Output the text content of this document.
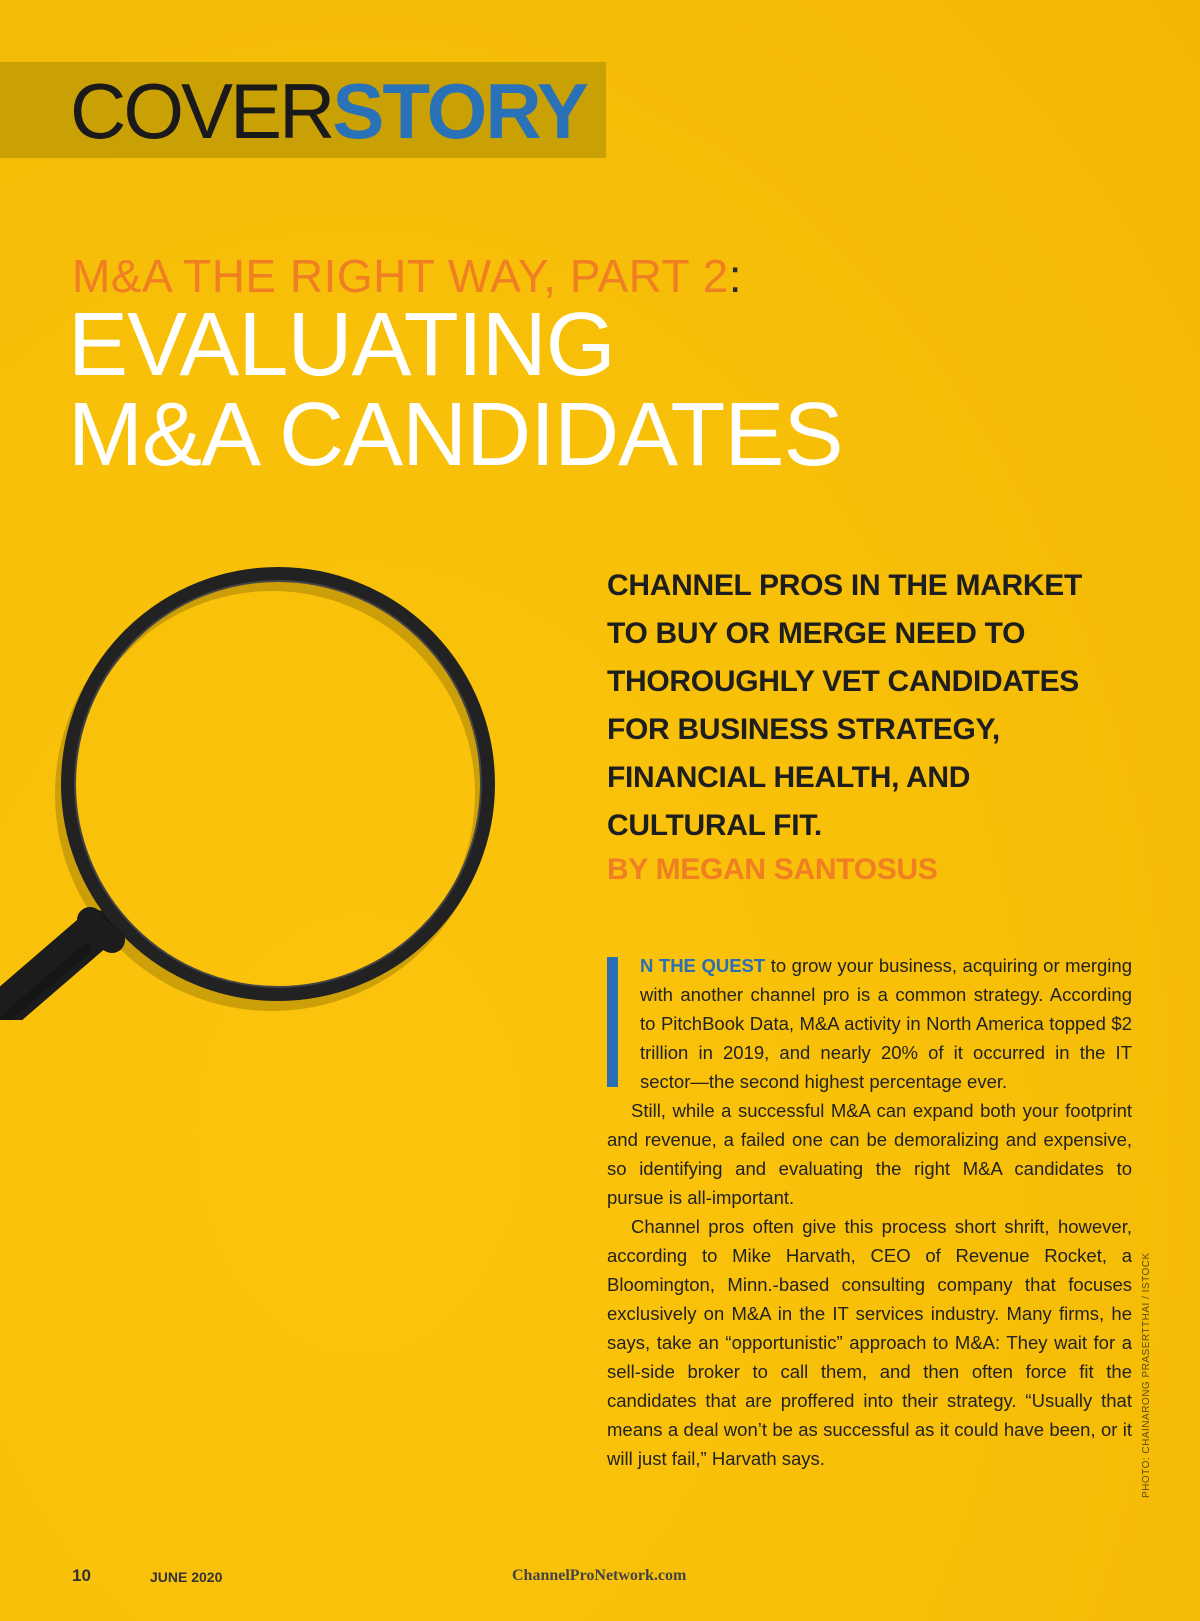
COVERSTORY

M&A THE RIGHT WAY, PART 2:

EVALUATING
M&A CANDIDATES
CHANNEL PROS IN THE MARKET
TO BUY OR MERGE NEED TO
THOROUGHLY VET CANDIDATES
FOR BUSINESS STRATEGY,
FINANCIAL HEALTH, AND
CULTURAL FIT.

BY MEGAN SANTOSUS

N THE QUEST to grow your business, acquiring or merging with another channel pro is a common strategy. According to PitchBook Data, M&A activity in North America topped $2 trillion in 2019, and nearly 20% of it occurred in the IT sector—the second highest percentage ever.

Still, while a successful M&A can expand both your footprint and revenue, a failed one can be demoralizing and expensive, so identifying and evaluating the right M&A candidates to pursue is all-important.

Channel pros often give this process short shrift, however, according to Mike Harvath, CEO of Revenue Rocket, a Bloomington, Minn.-based consulting company that focuses exclusively on M&A in the IT services industry. Many firms, he says, take an “opportunistic” approach to M&A: They wait for a sell-side broker to call them, and then often force fit the candidates that are proffered into their strategy. “Usually that means a deal won’t be as successful as it could have been, or it will just fail,” Harvath says.	PHOTO: CHAINARONG PRASERTTHAI / ISTOCK

10	JUNE 2020	ChannelProNetwork.com
